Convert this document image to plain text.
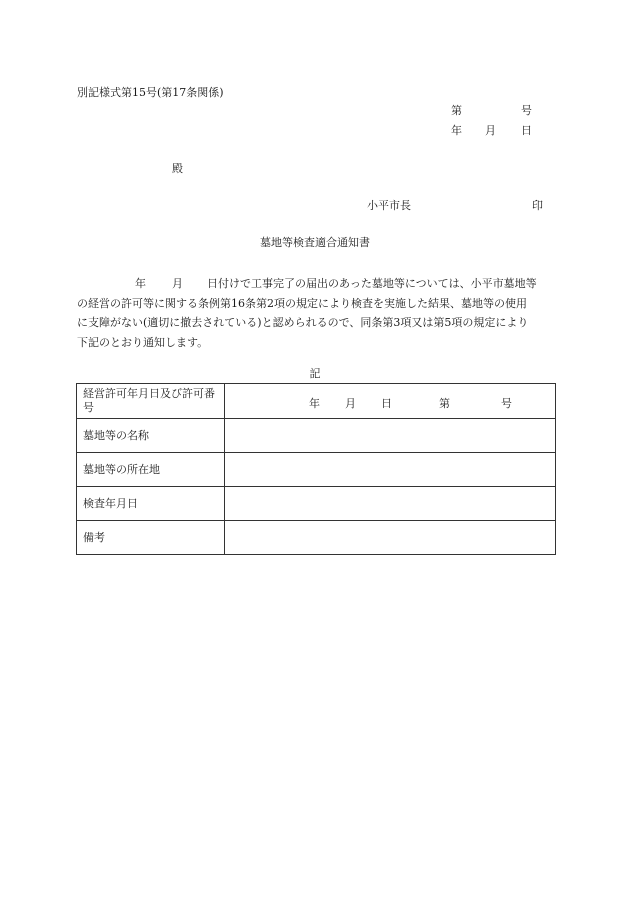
別記様式第15号(第17条関係)
第	号
年 月 日
殿
小平市長	印
墓地等検査適合通知書
年 月 日付けで工事完了の届出のあった墓地等については、小平市墓地等
の経営の許可等に関する条例第16条第2項の規定により検査を実施した結果、墓地等の使用
に支障がない(適切に撤去されている)と認められるので、同条第3項又は第5項の規定により
下記のとおり通知します。
記
経営許可年月日及び許可番号	年 月 日 第 号

墓地等の名称	
墓地等の所在地	
検査年月日	
備考	
